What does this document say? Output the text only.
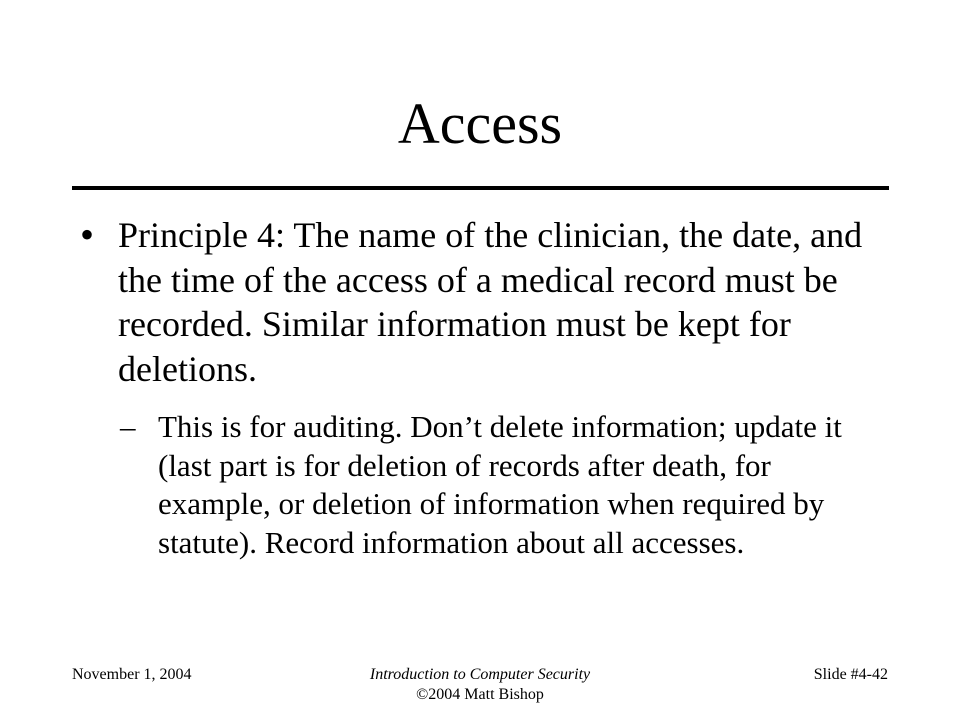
Access
• Principle 4: The name of the clinician, the date, and the time of the access of a medical record must be recorded. Similar information must be kept for deletions.
– This is for auditing. Don’t delete information; update it (last part is for deletion of records after death, for example, or deletion of information when required by statute). Record information about all accesses.
November 1, 2004	Introduction to Computer Security
©2004 Matt Bishop
Slide #4-42
